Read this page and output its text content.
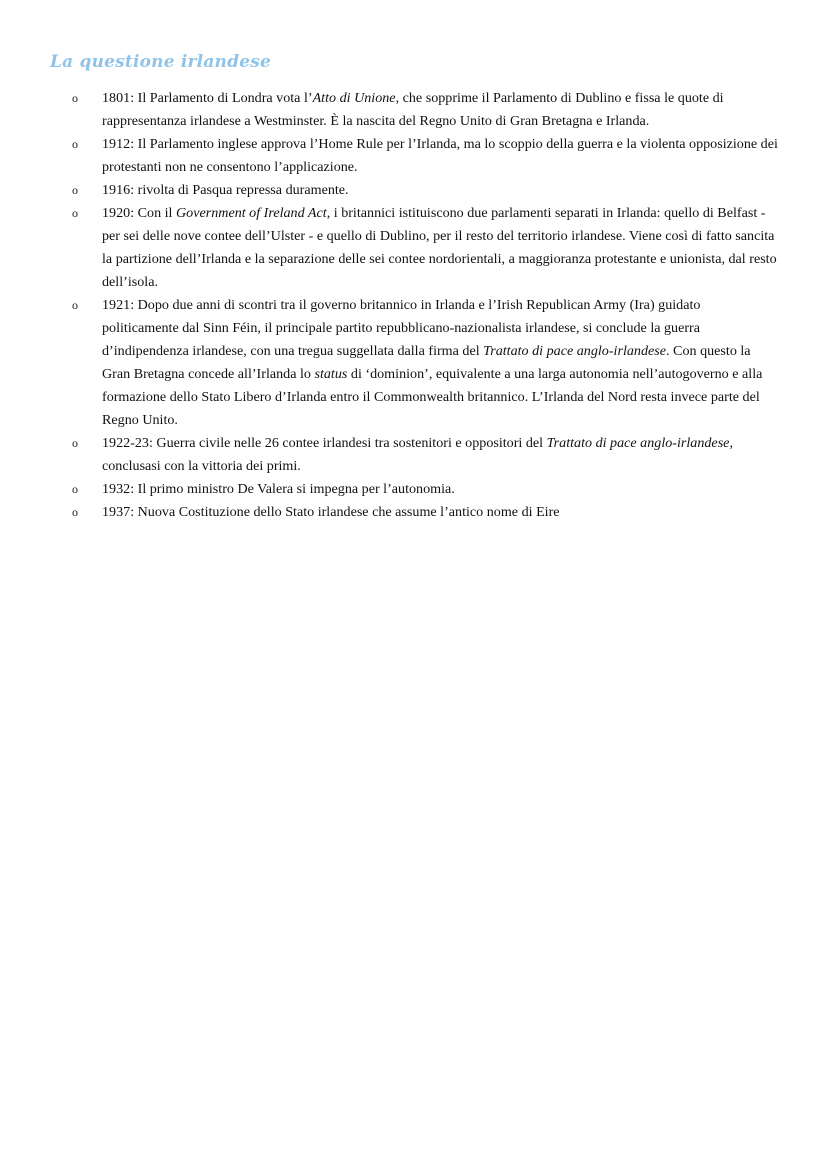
La questione irlandese
o 1801: Il Parlamento di Londra vota l’Atto di Unione, che sopprime il Parlamento di Dublino e fissa le quote di rappresentanza irlandese a Westminster. È la nascita del Regno Unito di Gran Bretagna e Irlanda.
o 1912: Il Parlamento inglese approva l’Home Rule per l’Irlanda, ma lo scoppio della guerra e la violenta opposizione dei protestanti non ne consentono l’applicazione.
o 1916: rivolta di Pasqua repressa duramente.
o 1920: Con il Government of Ireland Act, i britannici istituiscono due parlamenti separati in Irlanda: quello di Belfast - per sei delle nove contee dell’Ulster - e quello di Dublino, per il resto del territorio irlandese. Viene così di fatto sancita la partizione dell’Irlanda e la separazione delle sei contee nordorientali, a maggioranza protestante e unionista, dal resto dell’isola.
o 1921: Dopo due anni di scontri tra il governo britannico in Irlanda e l’Irish Republican Army (Ira) guidato politicamente dal Sinn Féin, il principale partito repubblicano-nazionalista irlandese, si conclude la guerra d’indipendenza irlandese, con una tregua suggellata dalla firma del Trattato di pace anglo-irlandese. Con questo la Gran Bretagna concede all’Irlanda lo status di ‘dominion’, equivalente a una larga autonomia nell’autogoverno e alla formazione dello Stato Libero d’Irlanda entro il Commonwealth britannico. L’Irlanda del Nord resta invece parte del Regno Unito.
o 1922-23: Guerra civile nelle 26 contee irlandesi tra sostenitori e oppositori del Trattato di pace anglo-irlandese, conclusasi con la vittoria dei primi.
o 1932: Il primo ministro De Valera si impegna per l’autonomia.
o 1937: Nuova Costituzione dello Stato irlandese che assume l’antico nome di Eire
